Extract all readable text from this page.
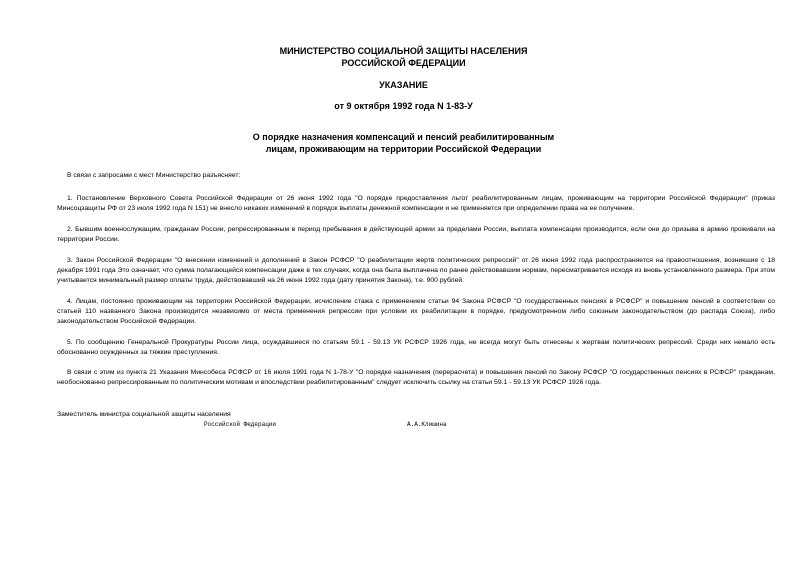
МИНИСТЕРСТВО СОЦИАЛЬНОЙ ЗАЩИТЫ НАСЕЛЕНИЯ
РОССИЙСКОЙ ФЕДЕРАЦИИ
УКАЗАНИЕ
от 9 октября 1992 года N 1-83-У
О порядке назначения компенсаций и пенсий реабилитированным
лицам, проживающим на территории Российской Федерации
В связи с запросами с мест Министерство разъясняет:
1. Постановление Верховного Совета Российской Федерации от 26 июня 1992 года "О порядке предоставления льгот реабилитированным лицам, проживающим на территории Российской Федерации" (приказ Минсоцзащиты РФ от 23 июля 1992 года N 151) не внесло никаких изменений в порядок выплаты денежной компенсации и не применяется при определении права на ее получение.
2. Бывшим военнослужащим, гражданам России, репрессированным в период пребывания в действующей армии за пределами России, выплата компенсации производится, если они до призыва в армию проживали на территории России.
3. Закон Российской Федерации "О внесении изменений и дополнений в Закон РСФСР "О реабилитации жертв политических репрессий" от 26 июня 1992 года распространяется на правоотношения, возникшие с 18 декабря 1991 года Это означает, что сумма полагающейся компенсации даже в тех случаях, когда она была выплачена по ранее действовавшим нормам, пересматривается исходя из вновь установленного размера. При этом учитывается минимальный размер оплаты труда, действовавший на 26 июня 1992 года (дату принятия Закона), т.е. 900 рублей.
4. Лицам, постоянно проживающим на территории Российской Федерации, исчисление стажа с применением статьи 94 Закона РСФСР "О государственных пенсиях в РСФСР" и повышение пенсий в соответствии со статьей 110 названного Закона производится независимо от места применения репрессии при условии их реабилитации в порядке, предусмотренном либо союзным законодательством (до распада Союза), либо законодательством Российской Федерации.
5. По сообщению Генеральной Прокуратуры России лица, осуждавшиеся по статьям 59.1 - 59.13 УК РСФСР 1926 года, не всегда могут быть отнесены к жертвам политических репрессий. Среди них немало есть обоснованно осужденных за тяжкие преступления.
В связи с этим из пункта 21 Указания Минсобеса РСФСР от 16 июля 1991 года N 1-78-У "О порядке назначения (перерасчета) и повышения пенсий по Закону РСФСР "О государственных пенсиях в РСФСР" гражданам, необоснованно репрессированным по политическим мотивам и впоследствии реабилитированным" следует исключить ссылку на статьи 59.1 - 59.13 УК РСФСР 1926 года.
Заместитель министра социальной защиты населения
Российской Федерации	А.А.Клишина
